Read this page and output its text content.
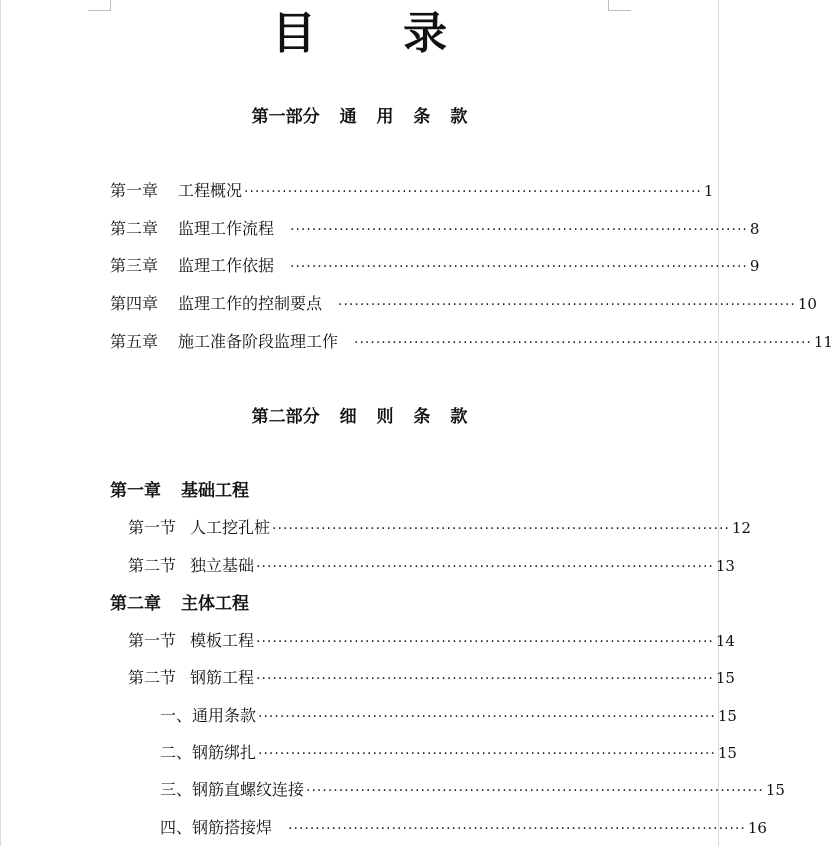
目 录
第一部分 通 用 条 款
第一章 工程概况 ···················································································· 1
第二章 监理工作流程	···················································································· 8
第三章 监理工作依据	···················································································· 9
第四章 监理工作的控制要点	···················································································· 10
第五章 施工准备阶段监理工作	···················································································· 11
第二部分 细 则 条 款
第一章 基础工程
第一节 人工挖孔桩 ···················································································· 12
第二节 独立基础 ···················································································· 13
第二章 主体工程
第一节 模板工程 ···················································································· 14
第二节 钢筋工程 ···················································································· 15
一、通用条款 ···················································································· 15
二、钢筋绑扎 ···················································································· 15
三、钢筋直螺纹连接 ···················································································· 15
四、钢筋搭接焊	···················································································· 16
